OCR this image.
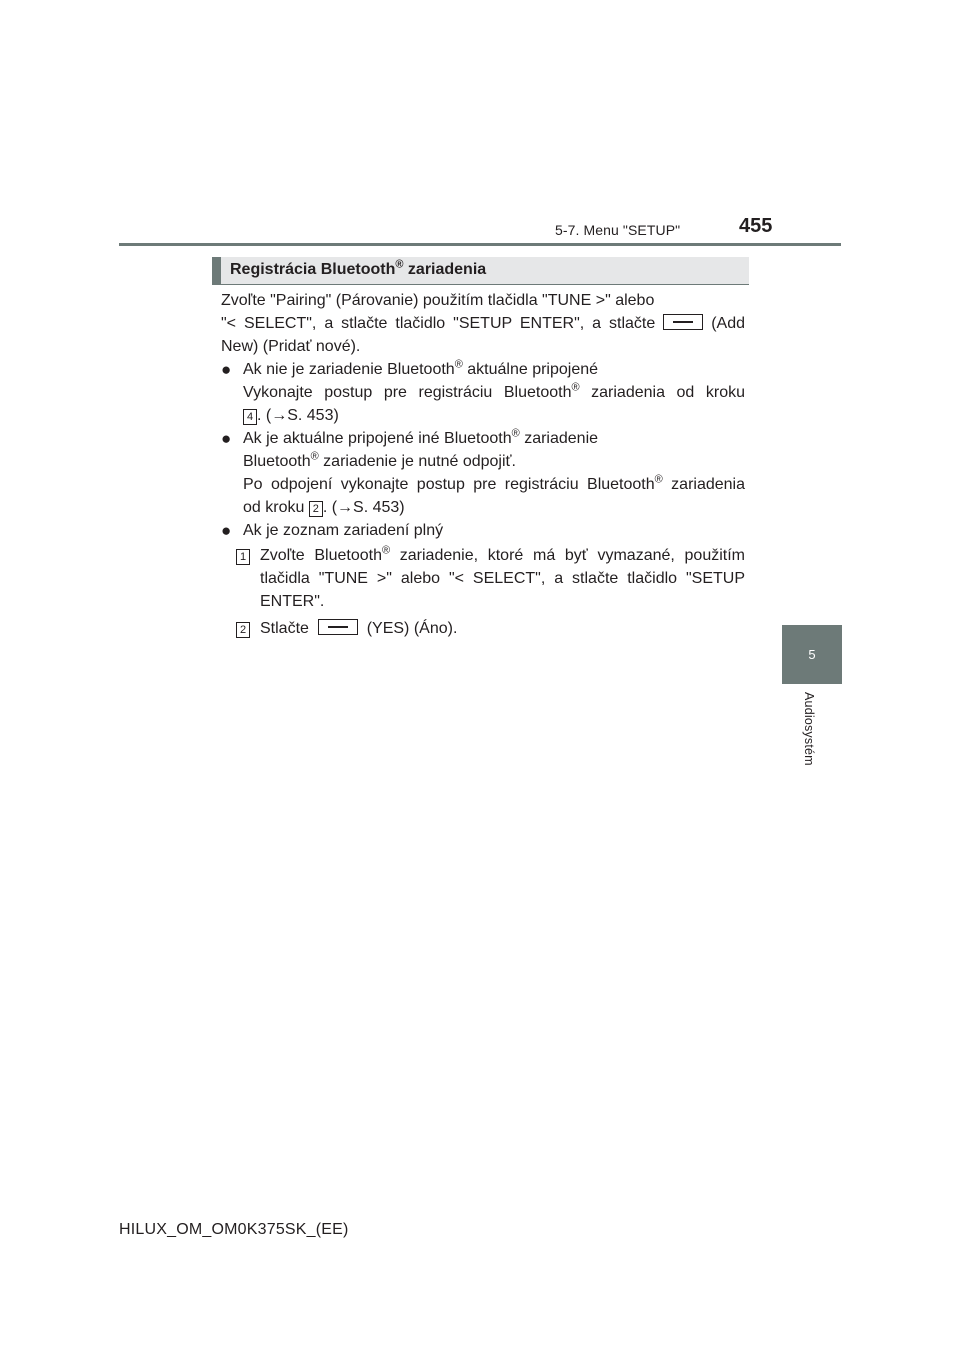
5-7. Menu "SETUP"	455
5
Audiosystém
Registrácia Bluetooth® zariadenia
Zvoľte "Pairing" (Párovanie) použitím tlačidla "TUNE >" alebo
"< SELECT", a stlačte tlačidlo "SETUP ENTER", a stlačte	(Add
New) (Pridať nové).
● Ak nie je zariadenie Bluetooth® aktuálne pripojené
Vykonajte postup pre registráciu Bluetooth® zariadenia od kroku
4 . (→S. 453)
● Ak je aktuálne pripojené iné Bluetooth® zariadenie
Bluetooth® zariadenie je nutné odpojiť.
Po odpojení vykonajte postup pre registráciu Bluetooth® zariadenia
od kroku 2 . (→S. 453)
● Ak je zoznam zariadení plný
1 Zvoľte Bluetooth® zariadenie, ktoré má byť vymazané, použitím
tlačidla "TUNE >" alebo "< SELECT", a stlačte tlačidlo "SETUP
ENTER".
2 Stlačte	(YES) (Áno).
HILUX_OM_OM0K375SK_(EE)
